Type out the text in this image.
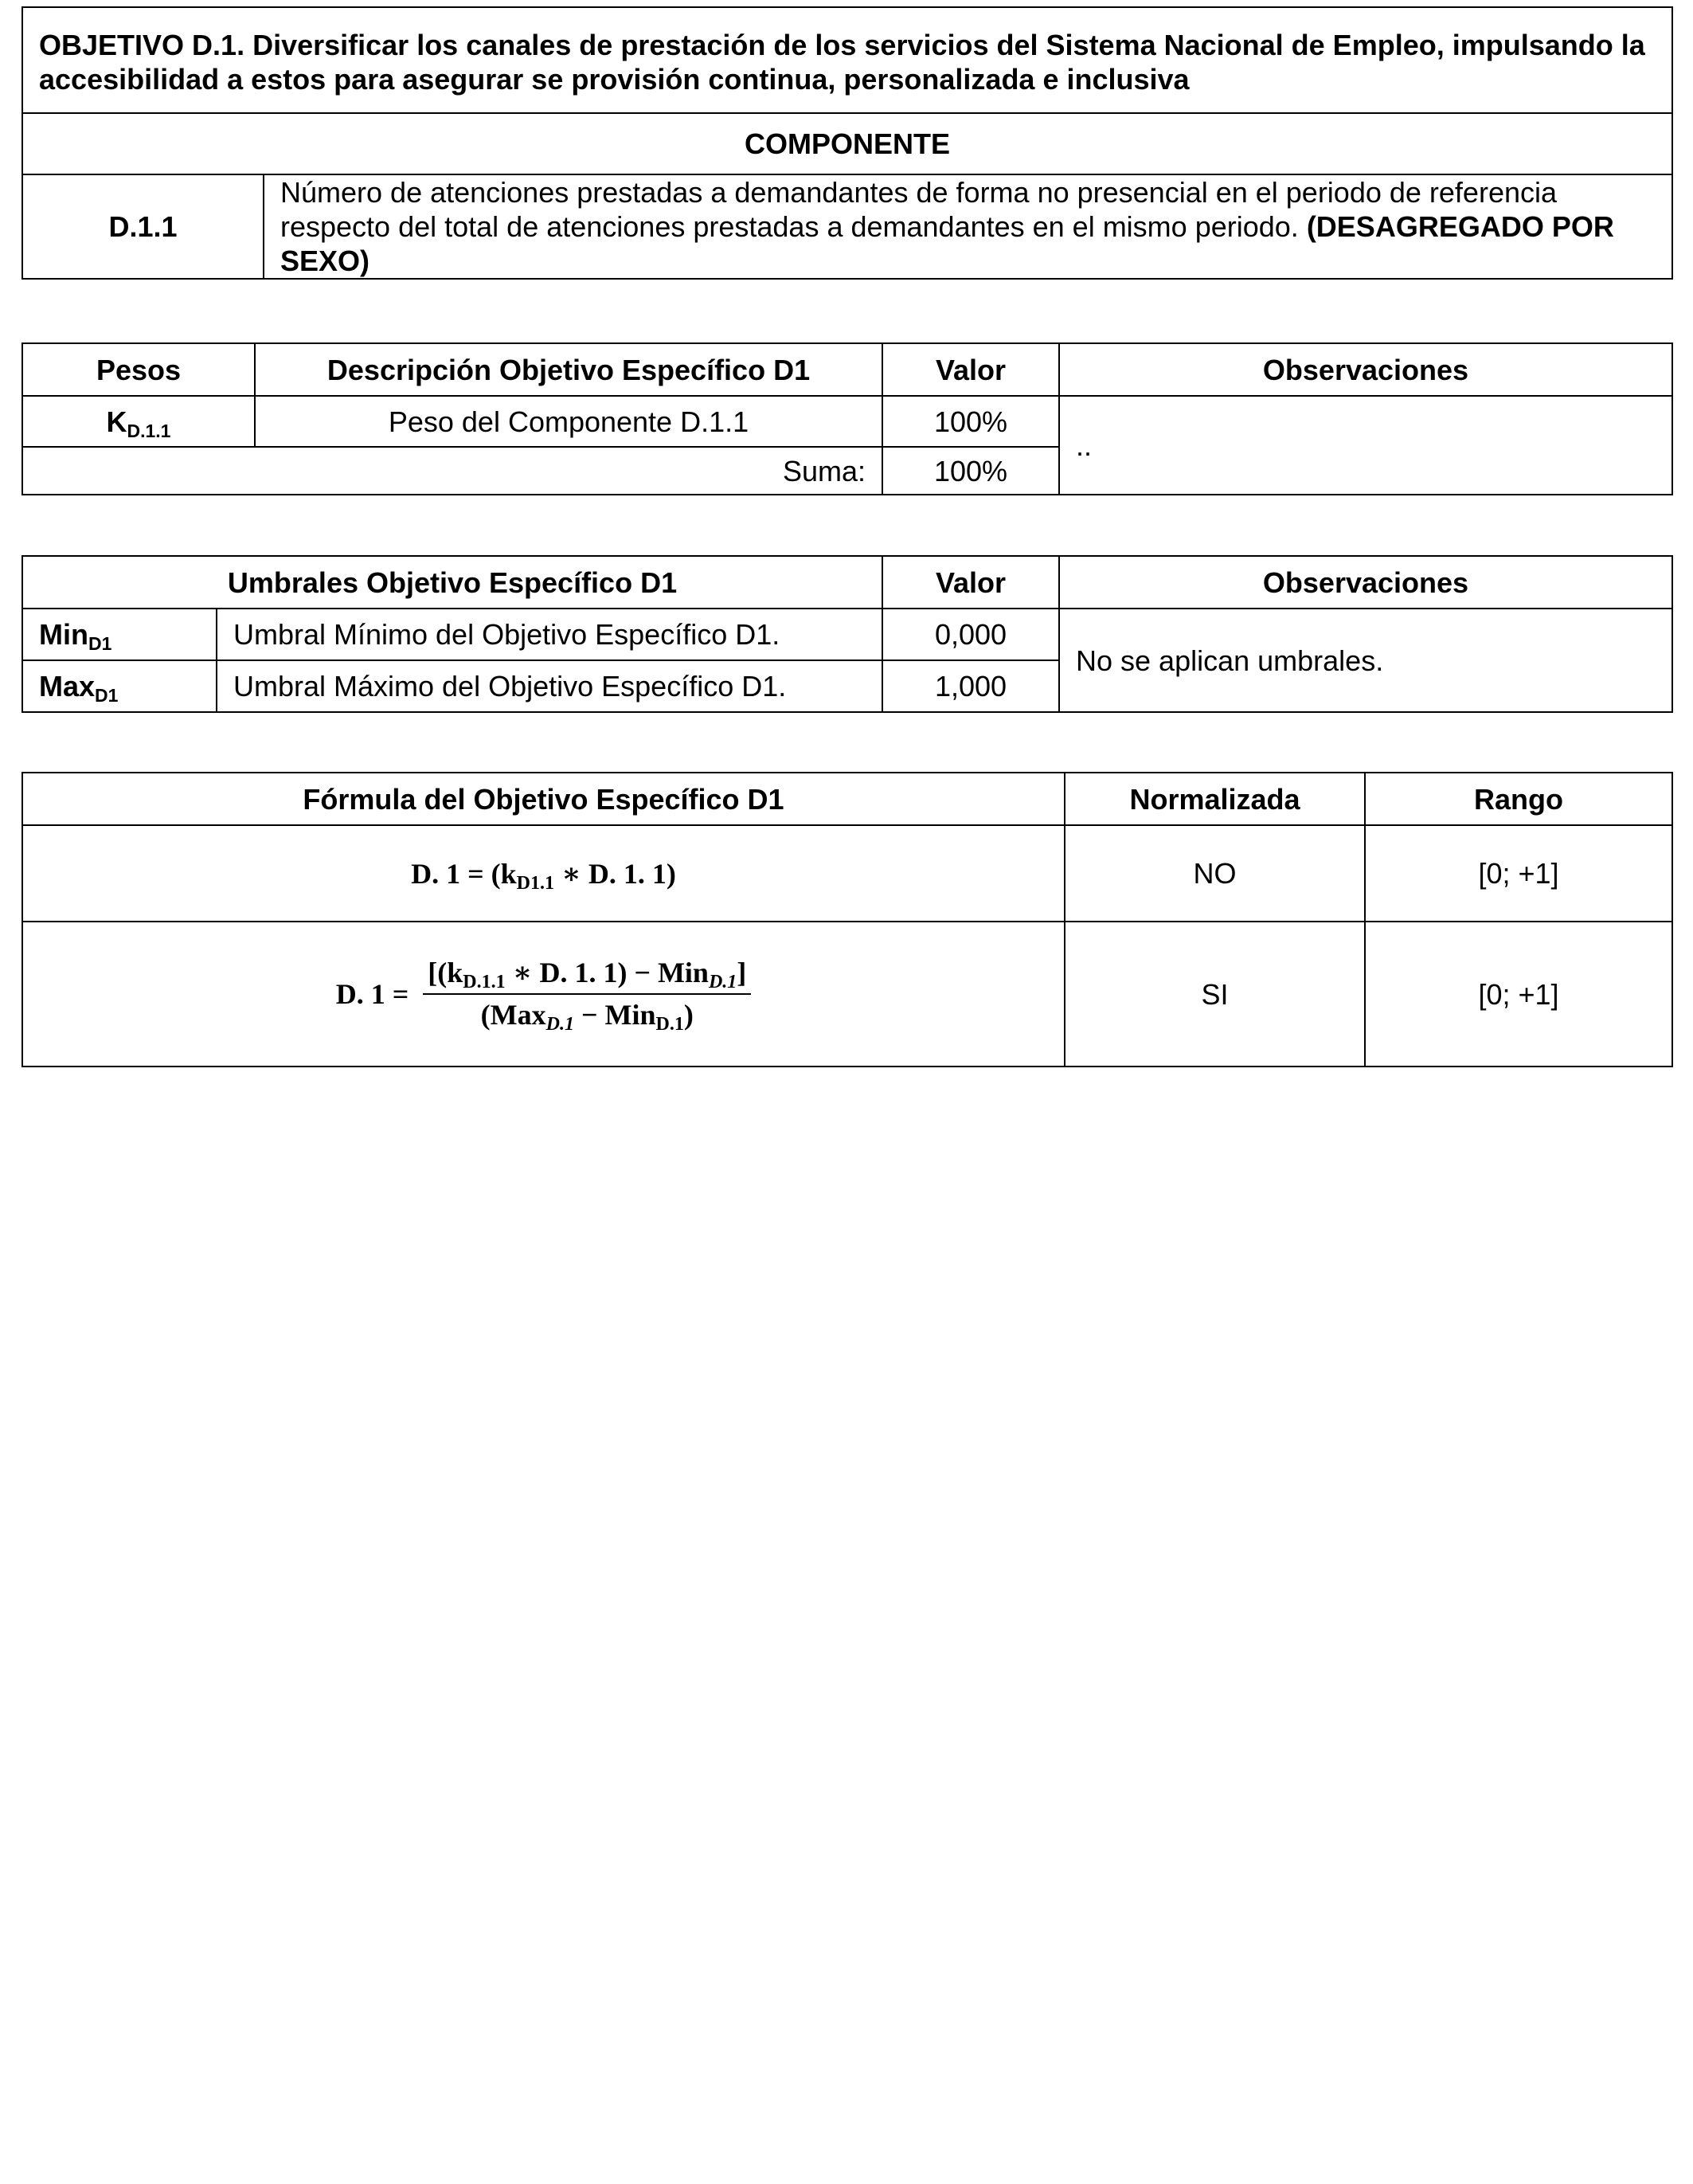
OBJETIVO D.1. Diversificar los canales de prestación de los servicios del Sistema Nacional de Empleo, impulsando la accesibilidad a estos para asegurar se provisión continua, personalizada e inclusiva
COMPONENTE
D.1.1	Número de atenciones prestadas a demandantes de forma no presencial en el periodo de referencia respecto del total de atenciones prestadas a demandantes en el mismo periodo. (DESAGREGADO POR SEXO)
Pesos	Descripción Objetivo Específico D1	Valor	Observaciones
$K_{D.1.1}$	Peso del Componente D.1.1	100%	..
Suma:		100%	
Umbrales Objetivo Específico D1		Valor	Observaciones
Min$_{D1}$	Umbral Mínimo del Objetivo Específico D1.	0,000	No se aplican umbrales.
Max$_{D1}$	Umbral Máximo del Objetivo Específico D1.	1,000	
Fórmula del Objetivo Específico D1	Normalizada	Rango
D. $1 = (k_{D1.1}$ ∗ D. 1. 1)	NO	[0; +1]
D. $1 = \frac{[(k_{D.1.1} ∗ D. 1. 1) - Min_{D.1}]}{(Max_{D.1} - Min_{D.1})}$	SI	[0; +1]
